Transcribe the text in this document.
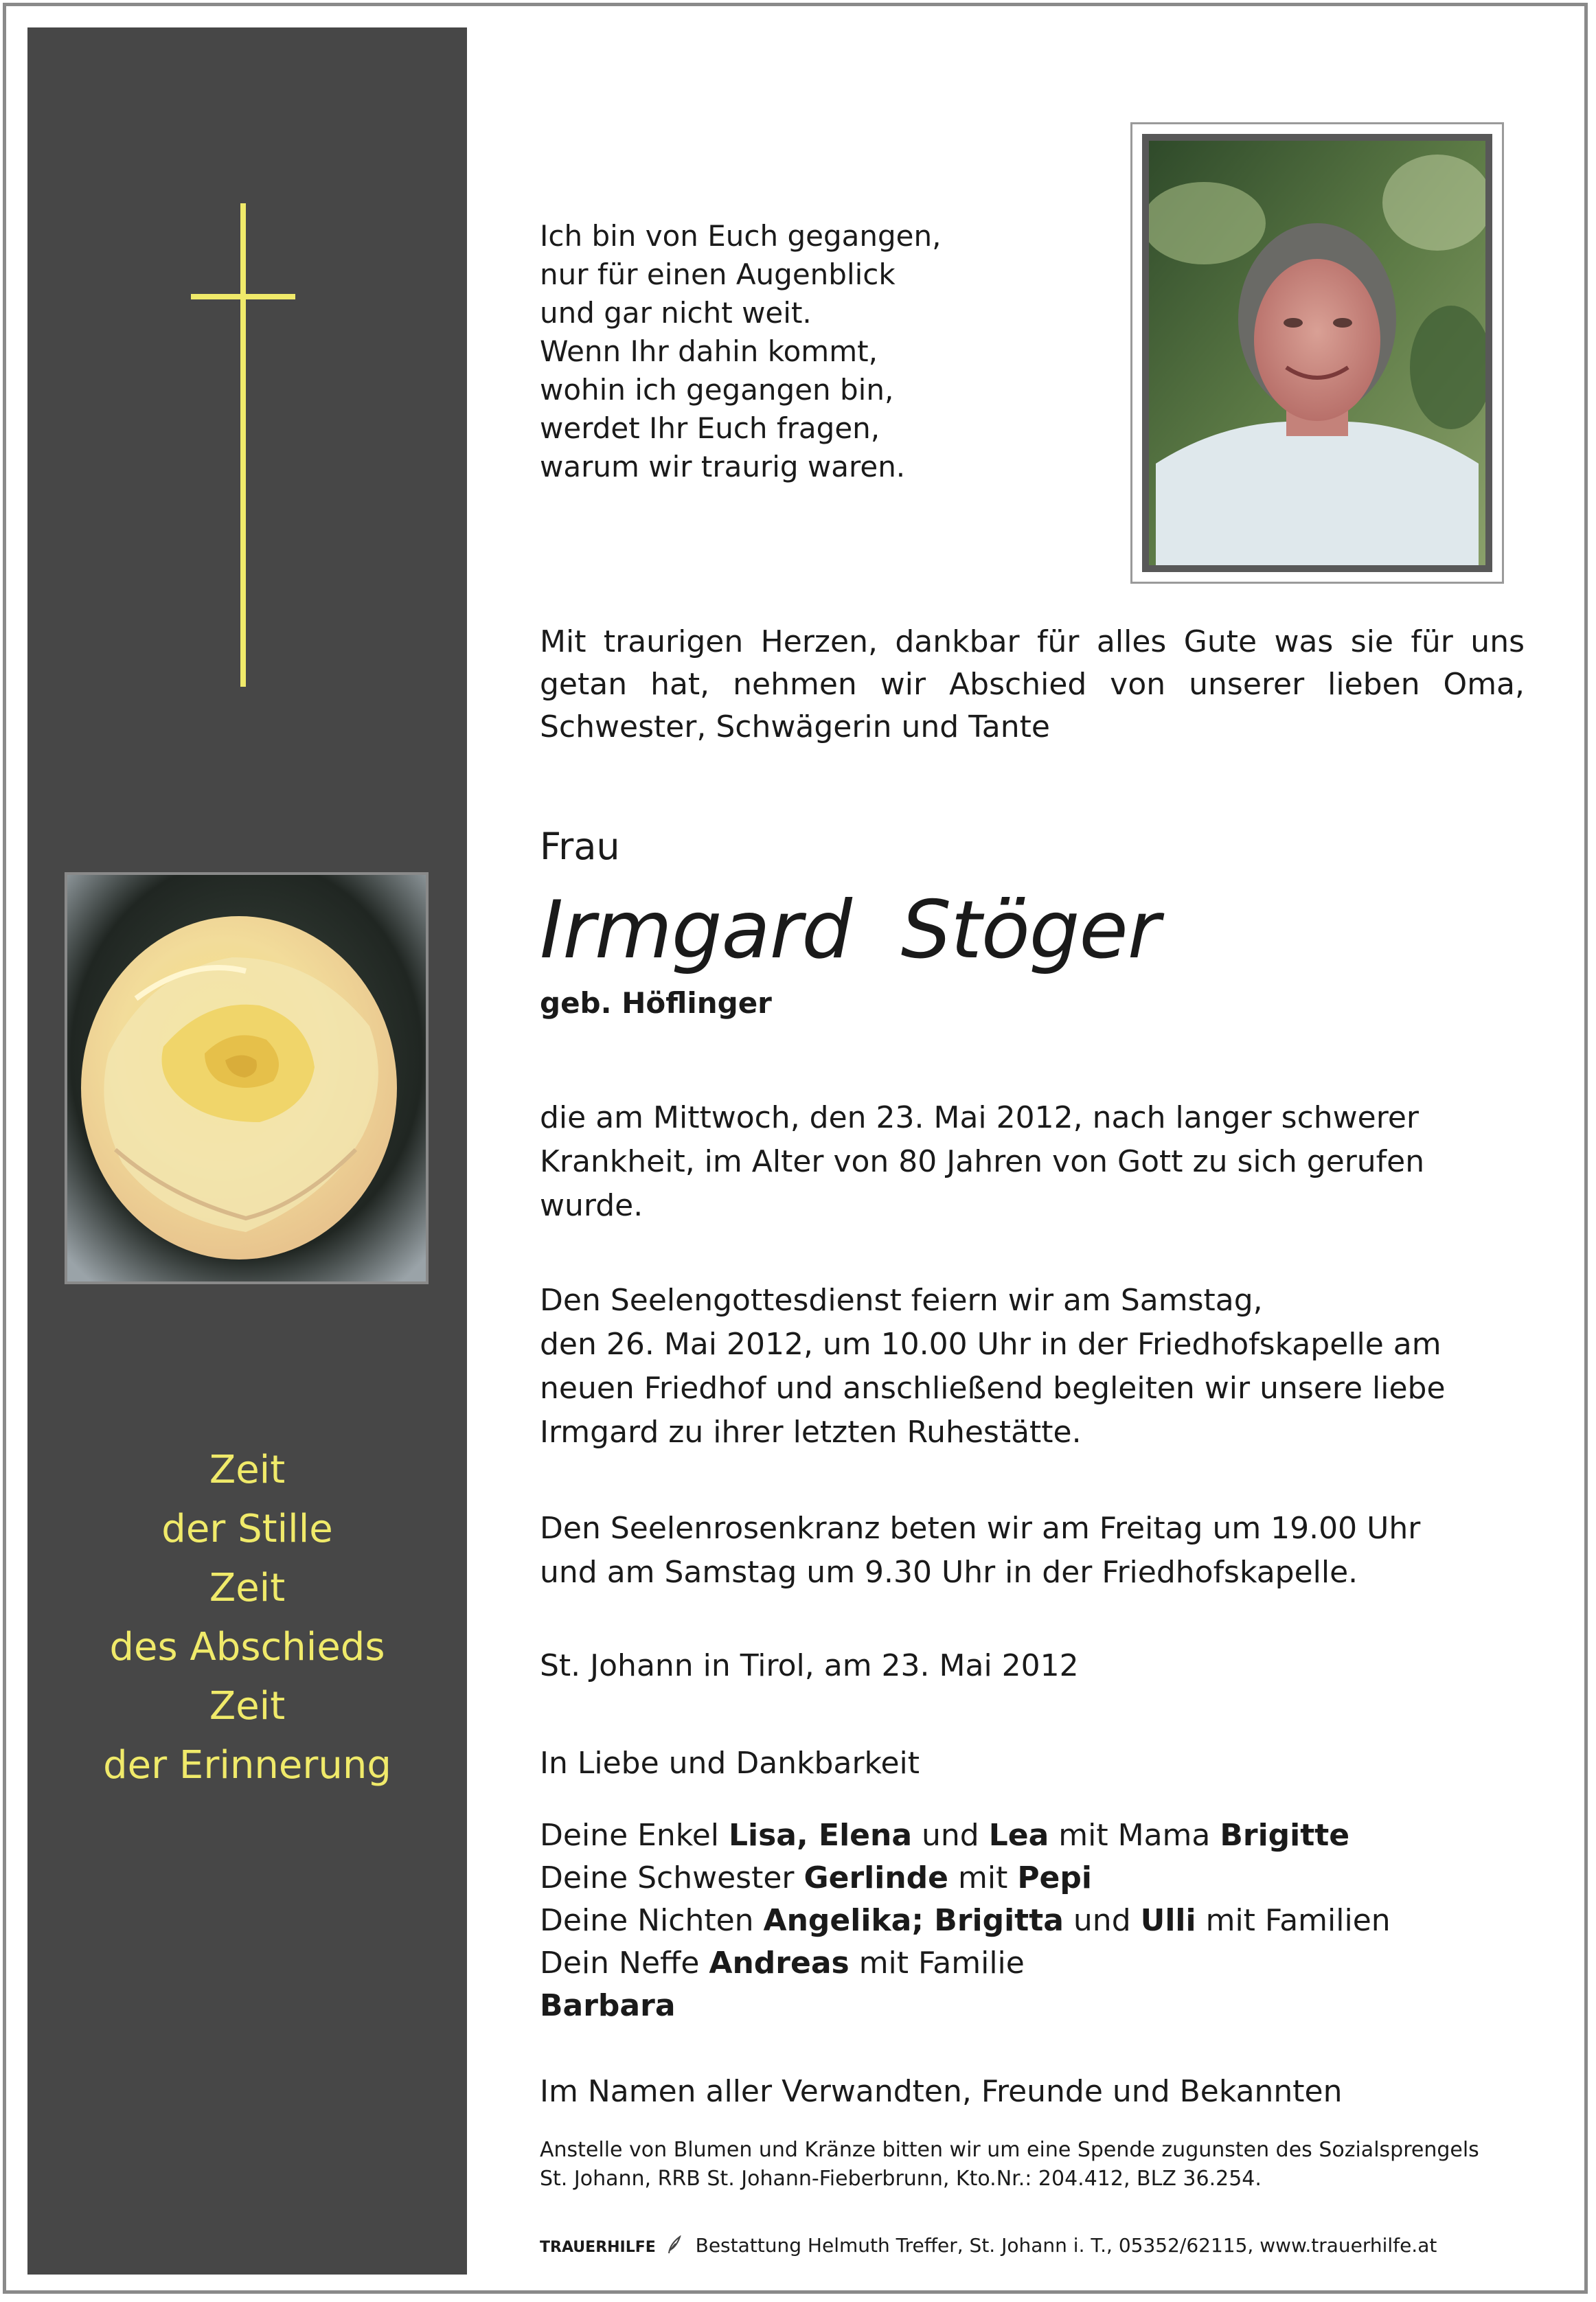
Zeit
der Stille
Zeit
des Abschieds
Zeit
der Erinnerung
Ich bin von Euch gegangen,
nur für einen Augenblick
und gar nicht weit.
Wenn Ihr dahin kommt,
wohin ich gegangen bin,
werdet Ihr Euch fragen,
warum wir traurig waren.
Mit traurigen Herzen, dankbar für alles Gute was sie für uns getan hat, nehmen wir Abschied von unserer lieben Oma, Schwester, Schwägerin und Tante
Frau
Irmgard Stöger
geb. Höflinger
die am Mittwoch, den 23. Mai 2012, nach langer schwerer
Krankheit, im Alter von 80 Jahren von Gott zu sich gerufen
wurde.
Den Seelengottesdienst feiern wir am Samstag,
den 26. Mai 2012, um 10.00 Uhr in der Friedhofskapelle am
neuen Friedhof und anschließend begleiten wir unsere liebe
Irmgard zu ihrer letzten Ruhestätte.
Den Seelenrosenkranz beten wir am Freitag um 19.00 Uhr
und am Samstag um 9.30 Uhr in der Friedhofskapelle.
St. Johann in Tirol, am 23. Mai 2012
In Liebe und Dankbarkeit
Deine Enkel Lisa, Elena und Lea mit Mama Brigitte
Deine Schwester Gerlinde mit Pepi
Deine Nichten Angelika; Brigitta und Ulli mit Familien
Dein Neffe Andreas mit Familie
Barbara
Im Namen aller Verwandten, Freunde und Bekannten
Anstelle von Blumen und Kränze bitten wir um eine Spende zugunsten des Sozialsprengels
St. Johann, RRB St. Johann-Fieberbrunn, Kto.Nr.: 204.412, BLZ 36.254.
TRAUERHILFE Bestattung Helmuth Treffer, St. Johann i. T., 05352/62115, www.trauerhilfe.at
